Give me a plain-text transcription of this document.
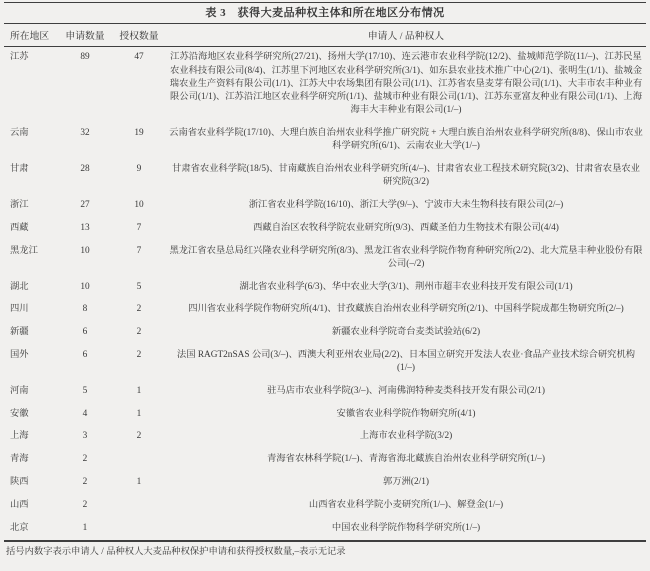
表 3　获得大麦品种权主体和所在地区分布情况
所在地区	申请数量	授权数量	申请人 / 品种权人
江苏	89	47	江苏沿海地区农业科学研究所(27/21)、扬州大学(17/10)、连云港市农业科学院(12/2)、盐城师范学院(11/–)、江苏民星农业科技有限公司(8/4)、江苏里下河地区农业科学研究所(3/1)、如东县农业技术推广中心(2/1)、张明生(1/1)、盐城金瑞农业生产资料有限公司(1/1)、江苏大中农场集团有限公司(1/1)、江苏省农垦麦芽有限公司(1/1)、大丰市农丰种业有限公司(1/1)、江苏沿江地区农业科学研究所(1/1)、盐城市种业有限公司(1/1)、江苏东亚富友种业有限公司(1/1)、上海海丰大丰种业有限公司(1/–)
云南	32	19	云南省农业科学院(17/10)、大理白族自治州农业科学推广研究院 + 大理白族自治州农业科学研究所(8/8)、保山市农业科学研究所(6/1)、云南农业大学(1/–)
甘肃	28	9	甘肃省农业科学院(18/5)、甘南藏族自治州农业科学研究所(4/–)、甘肃省农业工程技术研究院(3/2)、甘肃省农垦农业研究院(3/2)
浙江	27	10	浙江省农业科学院(16/10)、浙江大学(9/–)、宁波市大未生物科技有限公司(2/–)
西藏	13	7	西藏自治区农牧科学院农业研究所(9/3)、西藏圣伯力生物技术有限公司(4/4)
黑龙江	10	7	黑龙江省农垦总局红兴隆农业科学研究所(8/3)、黑龙江省农业科学院作物育种研究所(2/2)、北大荒垦丰种业股份有限公司(–/2)
湖北	10	5	湖北省农业科学(6/3)、华中农业大学(3/1)、荆州市超丰农业科技开发有限公司(1/1)
四川	8	2	四川省农业科学院作物研究所(4/1)、甘孜藏族自治州农业科学研究所(2/1)、中国科学院成都生物研究所(2/–)
新疆	6	2	新疆农业科学院奇台麦类试验站(6/2)
国外	6	2	法国 RAGT2nSAS 公司(3/–)、西澳大利亚州农业局(2/2)、日本国立研究开发法人农业·食品产业技术综合研究机构(1/–)
河南	5	1	驻马店市农业科学院(3/–)、河南佛润特种麦类科技开发有限公司(2/1)
安徽	4	1	安徽省农业科学院作物研究所(4/1)
上海	3	2	上海市农业科学院(3/2)
青海	2		青海省农林科学院(1/–)、青海省海北藏族自治州农业科学研究所(1/–)
陕西	2	1	郭万洲(2/1)
山西	2		山西省农业科学院小麦研究所(1/–)、解登金(1/–)
北京	1		中国农业科学院作物科学研究所(1/–)
括号内数字表示申请人 / 品种权人大麦品种权保护申请和获得授权数量,–表示无记录
